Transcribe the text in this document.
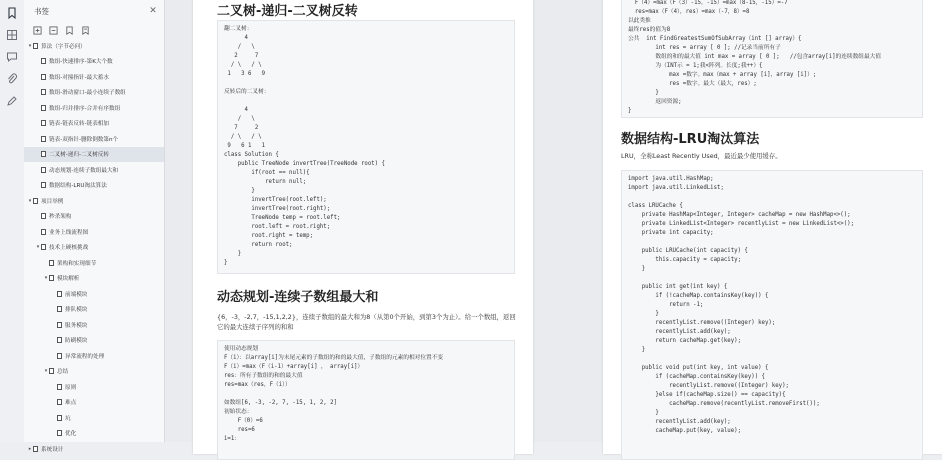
书签	✕
▾	算法（字节必问）
数组-快速排序-第K大个数
数组-对撞指针-最大蓄水
数组-滑动窗口-最小连续子数组
数组-归并排序-合并有序数组
链表-链表反转-链表相加
链表-双指针-删除倒数第n个
二叉树-递归-二叉树反转
动态规划-连续子数组最大和
数据结构-LRU淘汰算法
▾	项目举例
秒杀架构
业务上线流程图
▾	技术上硬核挑战
架构和实现细节
▾	模块解析
前端模块
排队模块
服务模块
防刷模块
异常流程的处理
▾	总结
原则
难点
坑
优化
▸	系统设计
二叉树-递归-二叉树反转
翻二叉树：
4
/   \
2     7
/ \   / \
1   3 6   9

反转后的二叉树：

4
/   \
7     2
/ \   / \
9   6 1   1
class Solution {
public TreeNode invertTree(TreeNode root) {
if(root == null){
return null;
}
invertTree(root.left);
invertTree(root.right);
TreeNode temp = root.left;
root.left = root.right;
root.right = temp;
return root;
}
}
动态规划-连续子数组最大和
{6，-3，-2,7，-15,1,2,2}，连续子数组的最大和为8（从第0个开始，到第3个为止）。给一个数组，返回它的最大连续子序列的和和
使用动态规划
F（i）：以array[i]为末尾元素的子数组的和的最大值，子数组的元素的相对位置不变
F（i）=max（F（i-1）+array[i] ， array[i]）
res：所有子数组的和的最大值
res=max（res，F（i））

如数组[6, -3, -2, 7, -15, 1, 2, 2]
初始状态：
F（0）=6
res=6
i=1：
F（4）=max（F（3）-15，-15）=max（8-15，-15）=-7
res=max（F（4），res）=max（-7，8）=8
以此类推
最终res的值为8
公共  int FindGreatestSumOfSubArray（int [] array）{
int res = array [ 0 ]; //记录当前所有子
数组的和的最大值 int max = array [ 0 ];   //包含array[i]的连续数组最大值
为（INT示 = 1;我<阵列。长度;我++）{
max =数字。max（max + array [i]，array [i]）;
res =数字。最大（最大，res）;
}
返回资源;
}
数据结构-LRU淘汰算法
LRU，全称Least Recently Used，最近最少使用缓存。
import java.util.HashMap;
import java.util.LinkedList;

class LRUCache {
private HashMap<Integer, Integer> cacheMap = new HashMap<>();
private LinkedList<Integer> recentlyList = new LinkedList<>();
private int capacity;

public LRUCache(int capacity) {
this.capacity = capacity;
}

public int get(int key) {
if (!cacheMap.containsKey(key)) {
return -1;
}
recentlyList.remove((Integer) key);
recentlyList.add(key);
return cacheMap.get(key);
}

public void put(int key, int value) {
if (cacheMap.containsKey(key)) {
recentlyList.remove((Integer) key);
}else if(cacheMap.size() == capacity){
cacheMap.remove(recentlyList.removeFirst());
}
recentlyList.add(key);
cacheMap.put(key, value);
